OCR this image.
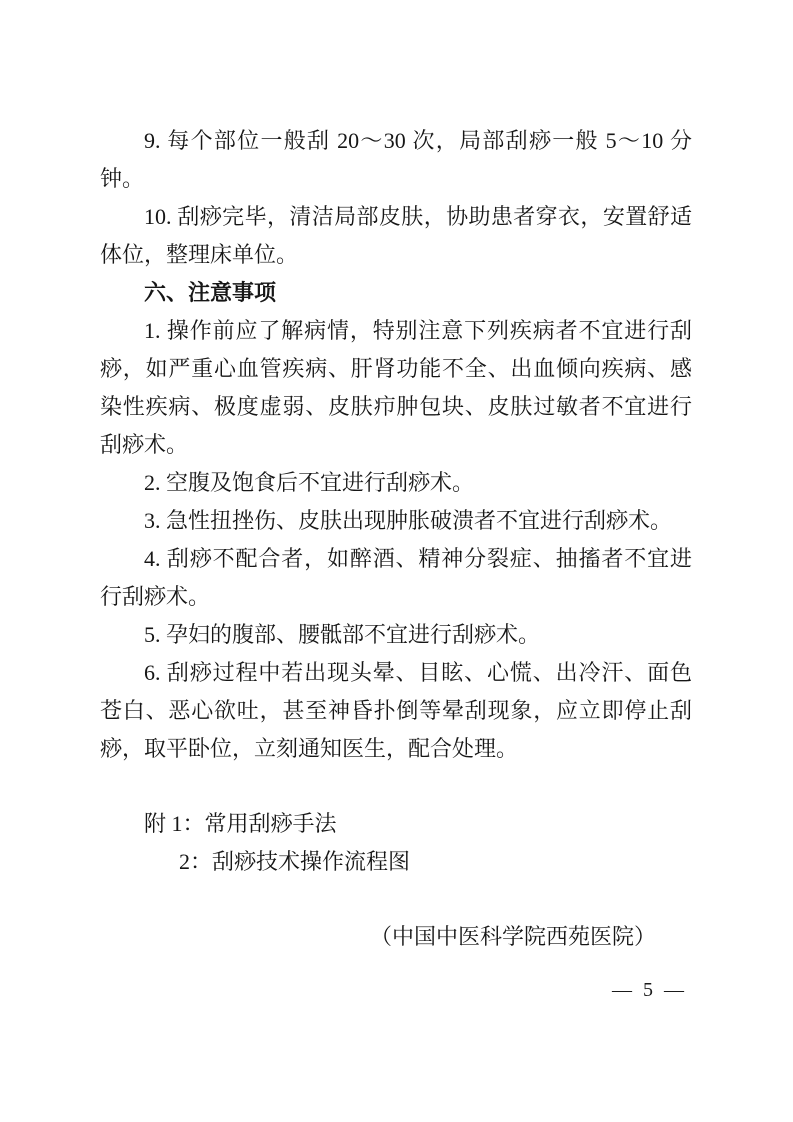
9. 每个部位一般刮 20～30 次，局部刮痧一般 5～10 分钟。

10. 刮痧完毕，清洁局部皮肤，协助患者穿衣，安置舒适体位，整理床单位。

六、注意事项

1. 操作前应了解病情，特别注意下列疾病者不宜进行刮痧，如严重心血管疾病、肝肾功能不全、出血倾向疾病、感染性疾病、极度虚弱、皮肤疖肿包块、皮肤过敏者不宜进行刮痧术。

2. 空腹及饱食后不宜进行刮痧术。

3. 急性扭挫伤、皮肤出现肿胀破溃者不宜进行刮痧术。

4. 刮痧不配合者，如醉酒、精神分裂症、抽搐者不宜进行刮痧术。

5. 孕妇的腹部、腰骶部不宜进行刮痧术。

6. 刮痧过程中若出现头晕、目眩、心慌、出冷汗、面色苍白、恶心欲吐，甚至神昏扑倒等晕刮现象，应立即停止刮痧，取平卧位，立刻通知医生，配合处理。

附 1：常用刮痧手法

2：刮痧技术操作流程图

（中国中医科学院西苑医院）

— 5 —
